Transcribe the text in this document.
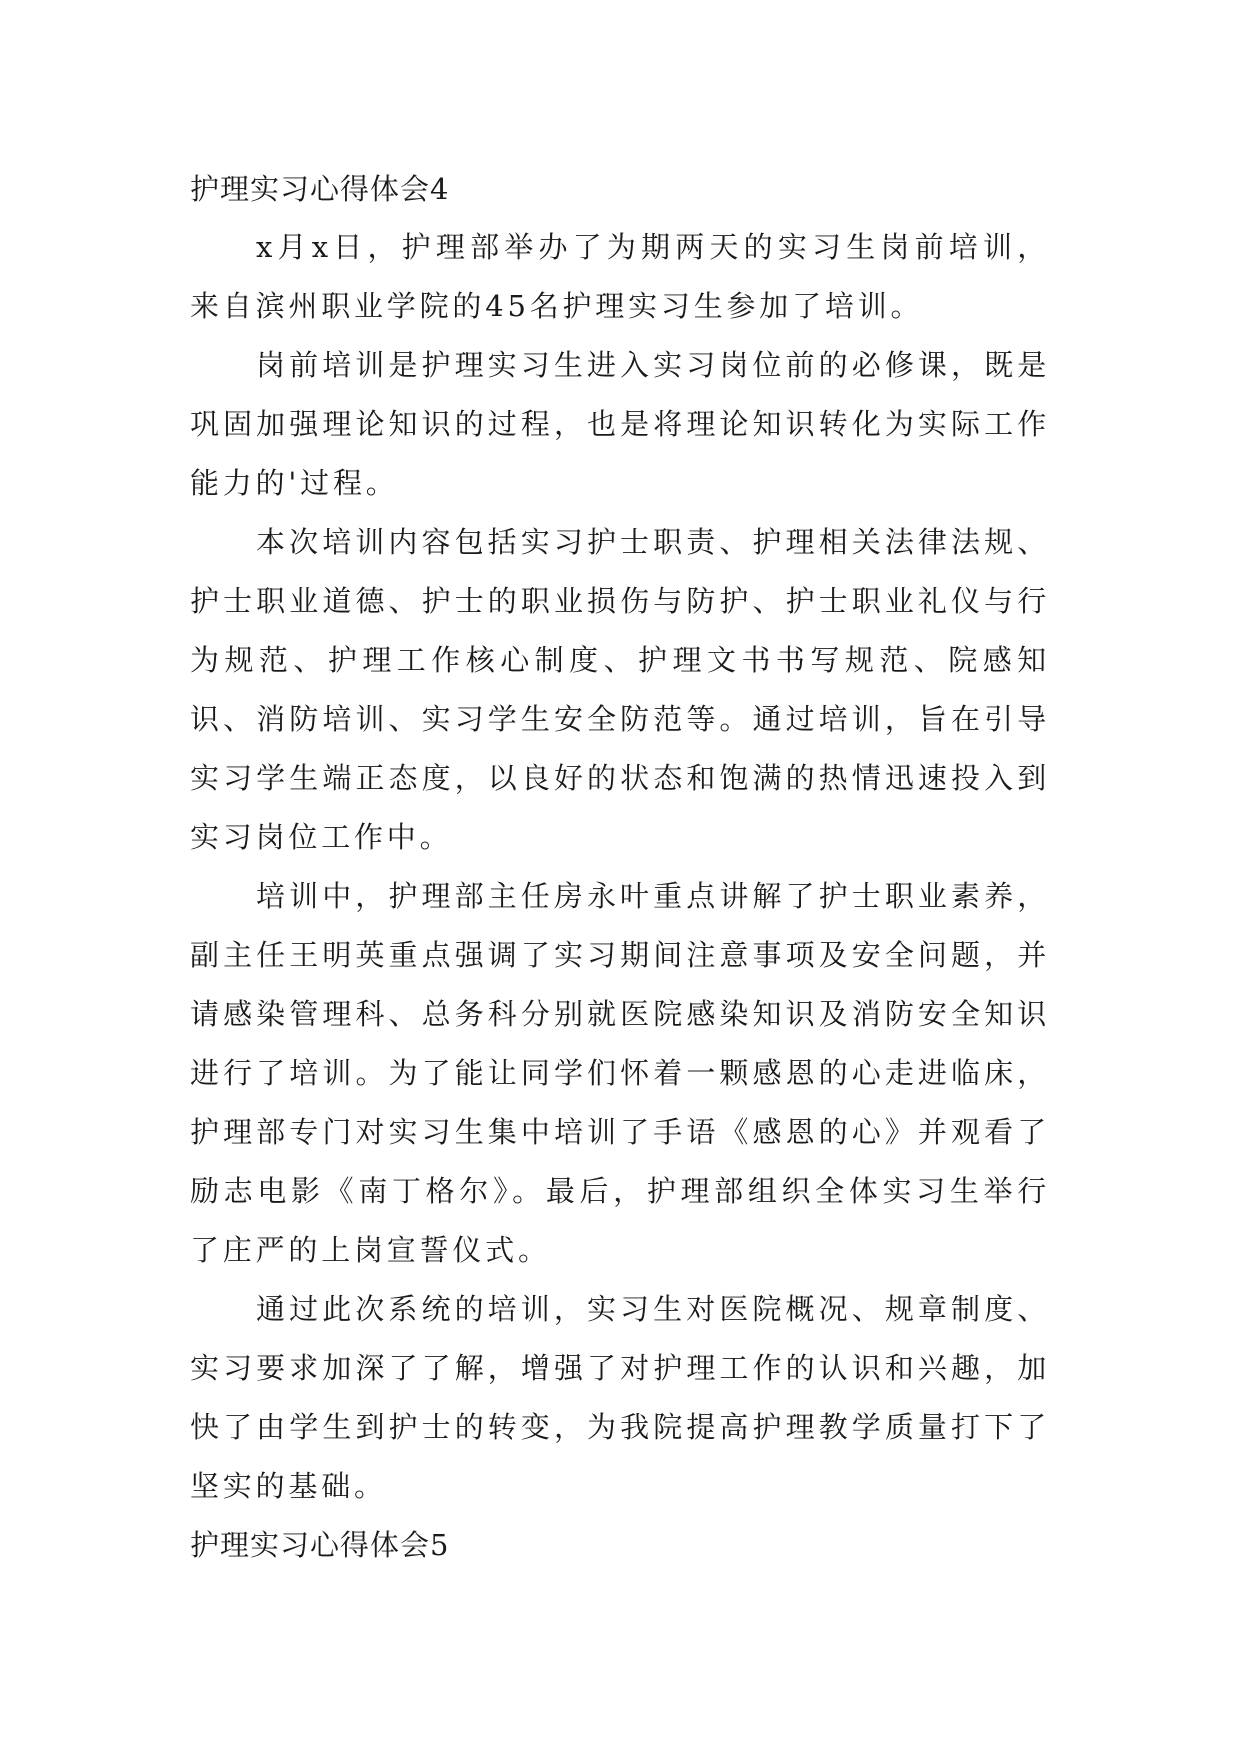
护理实习心得体会4

x月x日，护理部举办了为期两天的实习生岗前培训，来自滨州职业学院的45名护理实习生参加了培训。

岗前培训是护理实习生进入实习岗位前的必修课，既是巩固加强理论知识的过程，也是将理论知识转化为实际工作能力的'过程。

本次培训内容包括实习护士职责、护理相关法律法规、护士职业道德、护士的职业损伤与防护、护士职业礼仪与行为规范、护理工作核心制度、护理文书书写规范、院感知识、消防培训、实习学生安全防范等。通过培训，旨在引导实习学生端正态度，以良好的状态和饱满的热情迅速投入到实习岗位工作中。

培训中，护理部主任房永叶重点讲解了护士职业素养，副主任王明英重点强调了实习期间注意事项及安全问题，并请感染管理科、总务科分别就医院感染知识及消防安全知识进行了培训。为了能让同学们怀着一颗感恩的心走进临床，护理部专门对实习生集中培训了手语《感恩的心》并观看了励志电影《南丁格尔》。最后，护理部组织全体实习生举行了庄严的上岗宣誓仪式。

通过此次系统的培训，实习生对医院概况、规章制度、实习要求加深了了解，增强了对护理工作的认识和兴趣，加快了由学生到护士的转变，为我院提高护理教学质量打下了坚实的基础。

护理实习心得体会5
